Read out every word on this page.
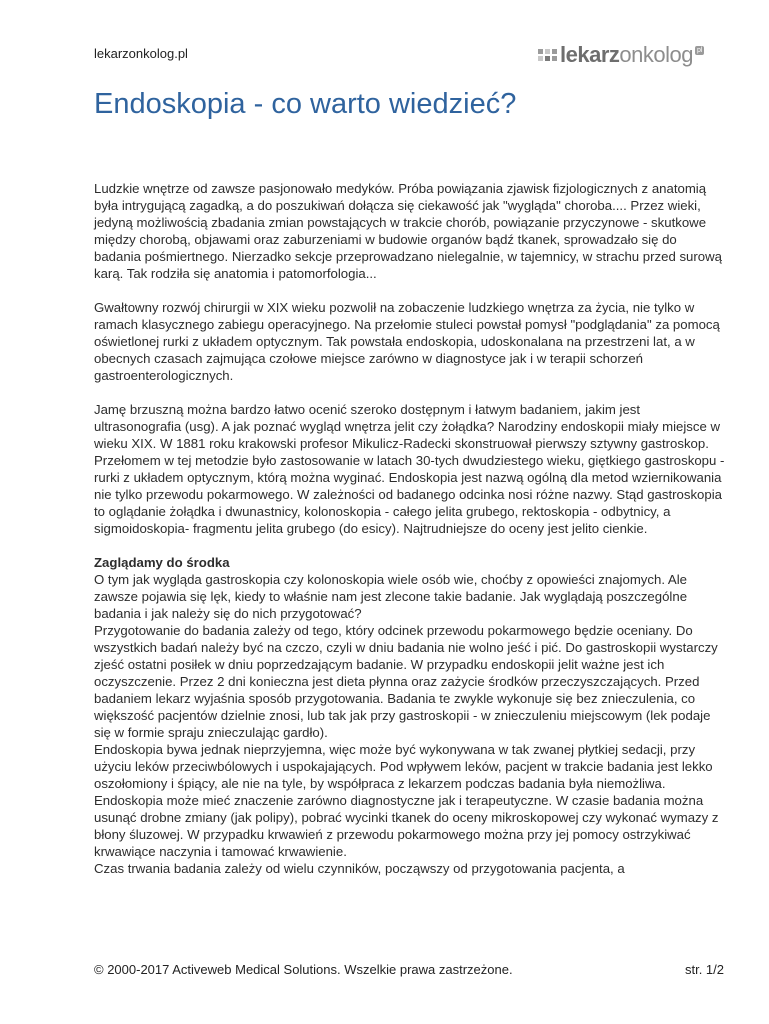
lekarzonkolog.pl	lekarzonkolog pl
Endoskopia - co warto wiedzieć?

Ludzkie wnętrze od zawsze pasjonowało medyków. Próba powiązania zjawisk fizjologicznych z anatomią była intrygującą zagadką, a do poszukiwań dołącza się ciekawość jak "wygląda" choroba.... Przez wieki, jedyną możliwością zbadania zmian powstających w trakcie chorób, powiązanie przyczynowe - skutkowe między chorobą, objawami oraz zaburzeniami w budowie organów bądź tkanek, sprowadzało się do badania pośmiertnego. Nierzadko sekcje przeprowadzano nielegalnie, w tajemnicy, w strachu przed surową karą. Tak rodziła się anatomia i patomorfologia...

Gwałtowny rozwój chirurgii w XIX wieku pozwolił na zobaczenie ludzkiego wnętrza za życia, nie tylko w ramach klasycznego zabiegu operacyjnego. Na przełomie stuleci powstał pomysł "podglądania" za pomocą oświetlonej rurki z układem optycznym. Tak powstała endoskopia, udoskonalana na przestrzeni lat, a w obecnych czasach zajmująca czołowe miejsce zarówno w diagnostyce jak i w terapii schorzeń gastroenterologicznych.

Jamę brzuszną można bardzo łatwo ocenić szeroko dostępnym i łatwym badaniem, jakim jest ultrasonografia (usg). A jak poznać wygląd wnętrza jelit czy żołądka? Narodziny endoskopii miały miejsce w wieku XIX. W 1881 roku krakowski profesor Mikulicz-Radecki skonstruował pierwszy sztywny gastroskop. Przełomem w tej metodzie było zastosowanie w latach 30-tych dwudziestego wieku, giętkiego gastroskopu - rurki z układem optycznym, którą można wyginać. Endoskopia jest nazwą ogólną dla metod wziernikowania nie tylko przewodu pokarmowego. W zależności od badanego odcinka nosi różne nazwy. Stąd gastroskopia to oglądanie żołądka i dwunastnicy, kolonoskopia - całego jelita grubego, rektoskopia - odbytnicy, a sigmoidoskopia- fragmentu jelita grubego (do esicy). Najtrudniejsze do oceny jest jelito cienkie.

Zaglądamy do środka

O tym jak wygląda gastroskopia czy kolonoskopia wiele osób wie, choćby z opowieści znajomych. Ale zawsze pojawia się lęk, kiedy to właśnie nam jest zlecone takie badanie. Jak wyglądają poszczególne badania i jak należy się do nich przygotować?

Przygotowanie do badania zależy od tego, który odcinek przewodu pokarmowego będzie oceniany. Do wszystkich badań należy być na czczo, czyli w dniu badania nie wolno jeść i pić. Do gastroskopii wystarczy zjeść ostatni posiłek w dniu poprzedzającym badanie. W przypadku endoskopii jelit ważne jest ich oczyszczenie. Przez 2 dni konieczna jest dieta płynna oraz zażycie środków przeczyszczających. Przed badaniem lekarz wyjaśnia sposób przygotowania. Badania te zwykle wykonuje się bez znieczulenia, co większość pacjentów dzielnie znosi, lub tak jak przy gastroskopii - w znieczuleniu miejscowym (lek podaje się w formie spraju znieczulając gardło).

Endoskopia bywa jednak nieprzyjemna, więc może być wykonywana w tak zwanej płytkiej sedacji, przy użyciu leków przeciwbólowych i uspokajających. Pod wpływem leków, pacjent w trakcie badania jest lekko oszołomiony i śpiący, ale nie na tyle, by współpraca z lekarzem podczas badania była niemożliwa.

Endoskopia może mieć znaczenie zarówno diagnostyczne jak i terapeutyczne. W czasie badania można usunąć drobne zmiany (jak polipy), pobrać wycinki tkanek do oceny mikroskopowej czy wykonać wymazy z błony śluzowej. W przypadku krwawień z przewodu pokarmowego można przy jej pomocy ostrzykiwać krwawiące naczynia i tamować krwawienie.

Czas trwania badania zależy od wielu czynników, począwszy od przygotowania pacjenta, a

© 2000-2017 Activeweb Medical Solutions. Wszelkie prawa zastrzeżone.	str. 1/2
